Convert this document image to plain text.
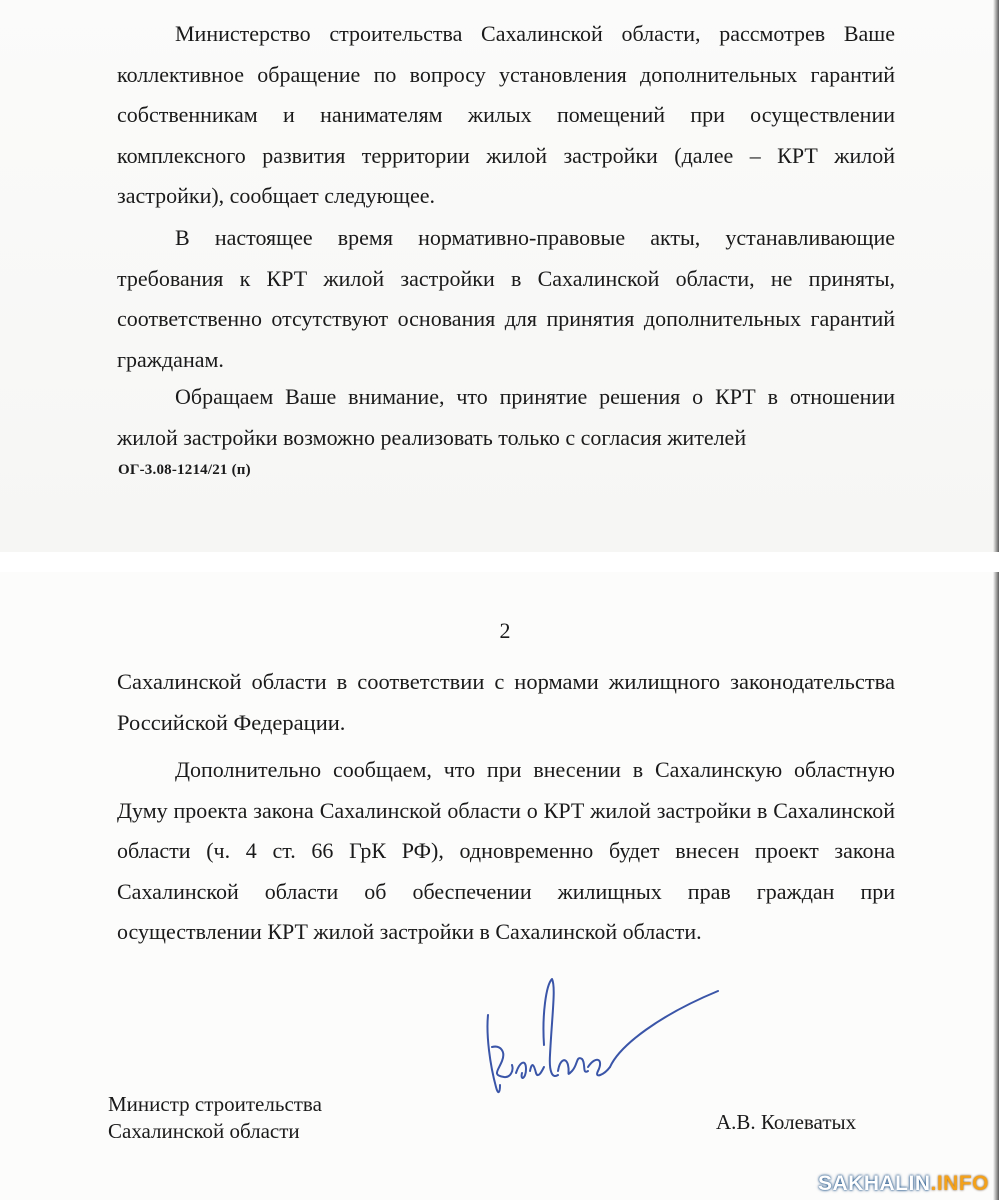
Министерство строительства Сахалинской области, рассмотрев Ваше коллективное обращение по вопросу установления дополнительных гарантий собственникам и нанимателям жилых помещений при осуществлении комплексного развития территории жилой застройки (далее – КРТ жилой застройки), сообщает следующее.

В настоящее время нормативно-правовые акты, устанавливающие требования к КРТ жилой застройки в Сахалинской области, не приняты, соответственно отсутствуют основания для принятия дополнительных гарантий гражданам.

Обращаем Ваше внимание, что принятие решения о КРТ в отношении жилой застройки возможно реализовать только с согласия жителей

ОГ-3.08-1214/21 (п)
2

Сахалинской области в соответствии с нормами жилищного законодательства Российской Федерации.

Дополнительно сообщаем, что при внесении в Сахалинскую областную Думу проекта закона Сахалинской области о КРТ жилой застройки в Сахалинской области (ч. 4 ст. 66 ГрК РФ), одновременно будет внесен проект закона Сахалинской области об обеспечении жилищных прав граждан при осуществлении КРТ жилой застройки в Сахалинской области.

Министр строительства
Сахалинской области	А.В. Колеватых
SAKHALIN.INFO
